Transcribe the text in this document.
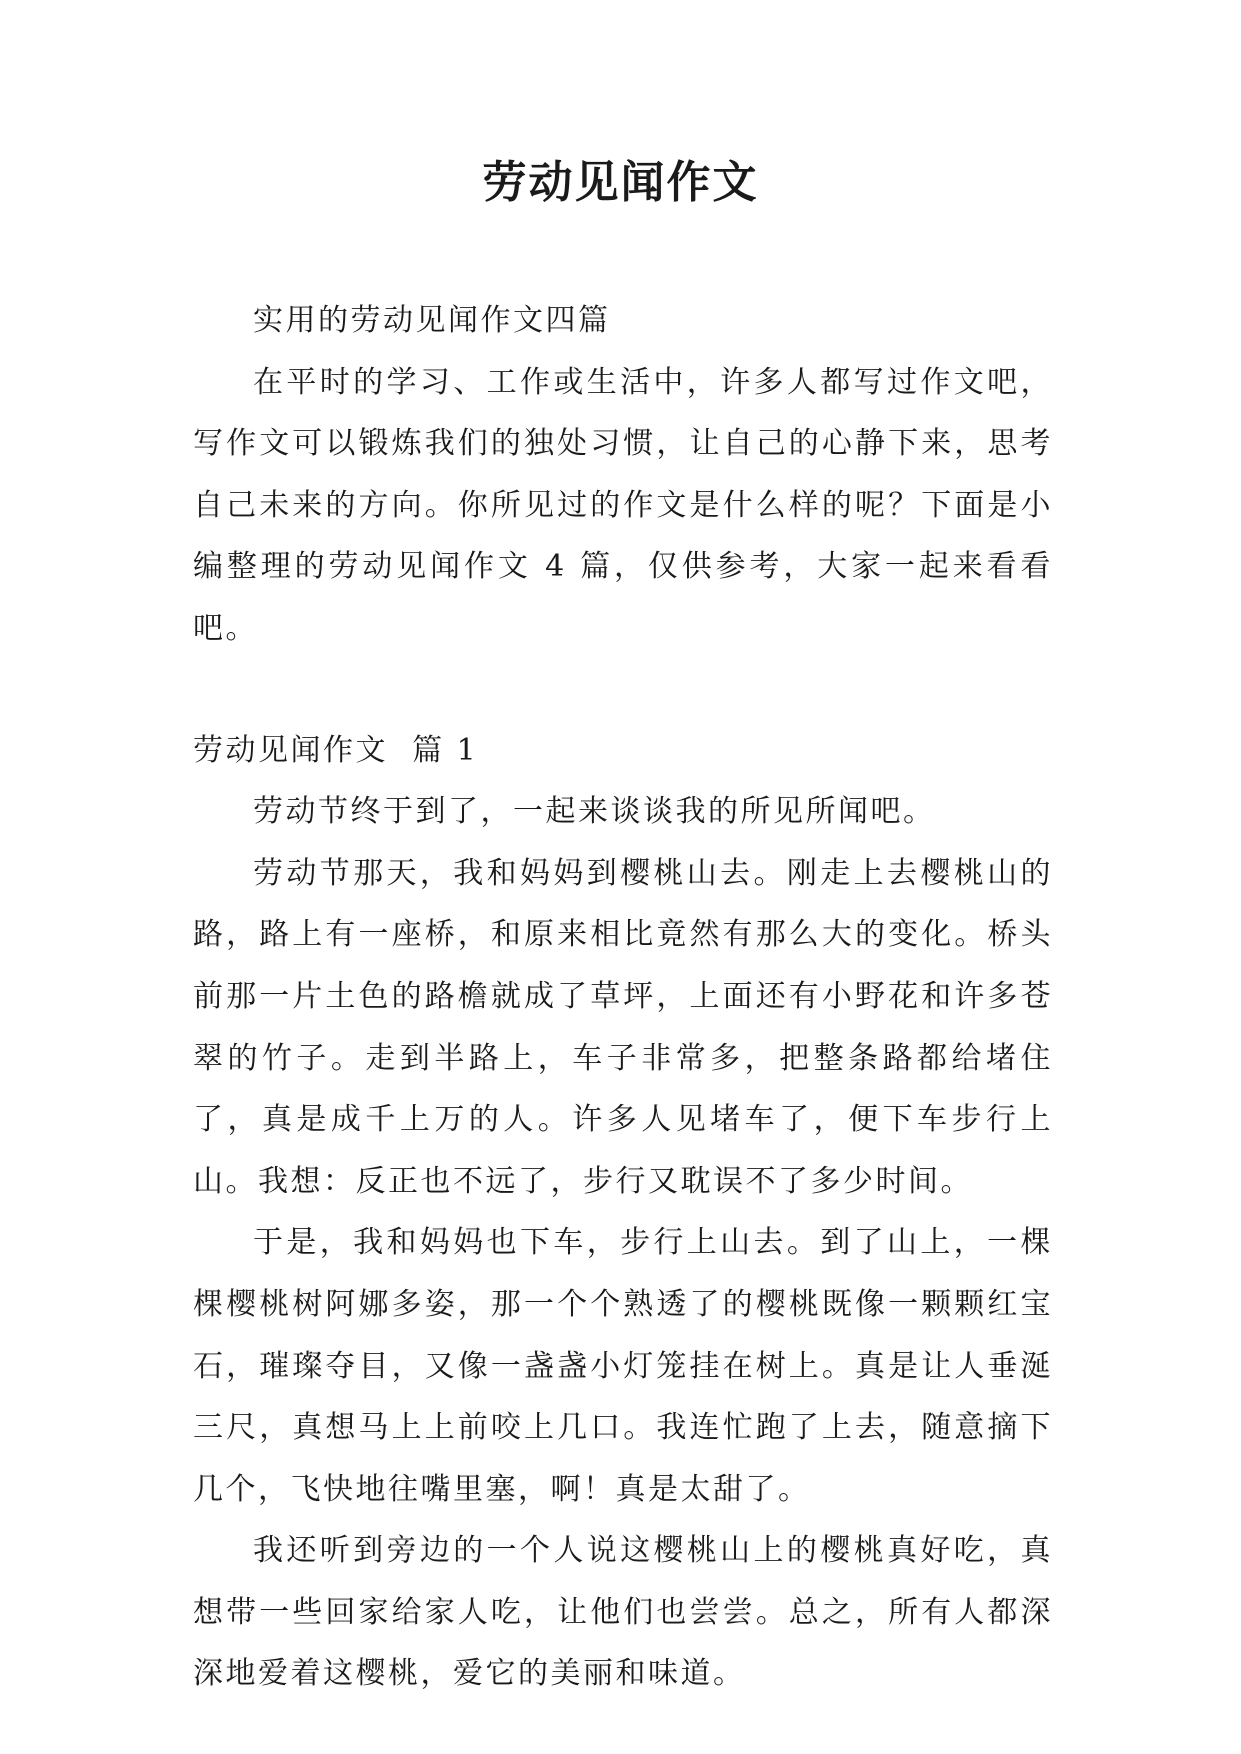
劳动见闻作文

实用的劳动见闻作文四篇

在平时的学习、工作或生活中，许多人都写过作文吧，写作文可以锻炼我们的独处习惯，让自己的心静下来，思考自己未来的方向。你所见过的作文是什么样的呢？下面是小编整理的劳动见闻作文 4 篇，仅供参考，大家一起来看看吧。

劳动见闻作文  篇 1

劳动节终于到了，一起来谈谈我的所见所闻吧。

劳动节那天，我和妈妈到樱桃山去。刚走上去樱桃山的路，路上有一座桥，和原来相比竟然有那么大的变化。桥头前那一片土色的路檐就成了草坪，上面还有小野花和许多苍翠的竹子。走到半路上，车子非常多，把整条路都给堵住了，真是成千上万的人。许多人见堵车了，便下车步行上山。我想：反正也不远了，步行又耽误不了多少时间。

于是，我和妈妈也下车，步行上山去。到了山上，一棵棵樱桃树阿娜多姿，那一个个熟透了的樱桃既像一颗颗红宝石，璀璨夺目，又像一盏盏小灯笼挂在树上。真是让人垂涎三尺，真想马上上前咬上几口。我连忙跑了上去，随意摘下几个，飞快地往嘴里塞，啊！真是太甜了。

我还听到旁边的一个人说这樱桃山上的樱桃真好吃，真想带一些回家给家人吃，让他们也尝尝。总之，所有人都深深地爱着这樱桃，爱它的美丽和味道。
